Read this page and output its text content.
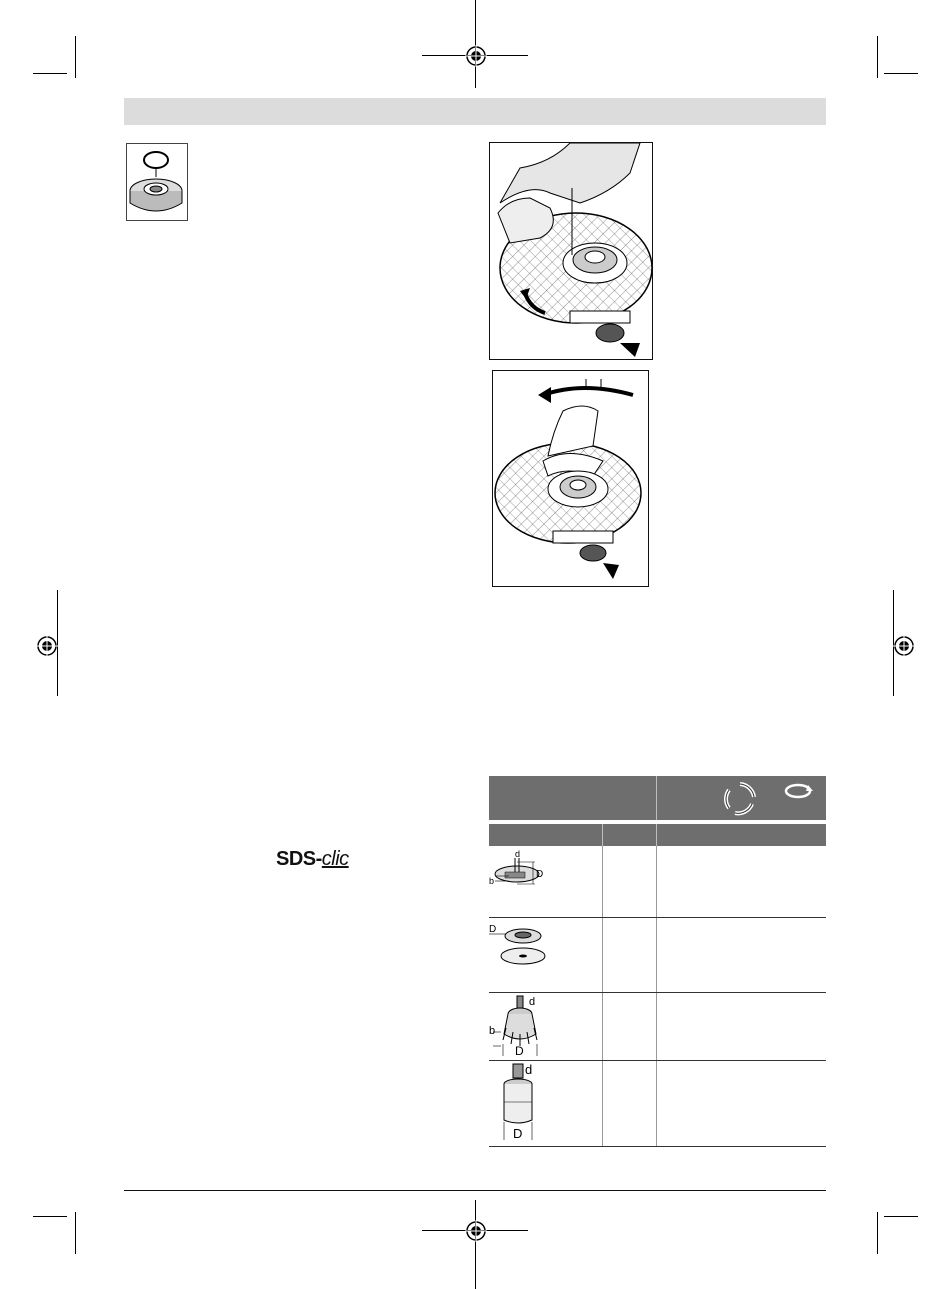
SDS-clic	d
D
b
D
d
b
D
d
D
